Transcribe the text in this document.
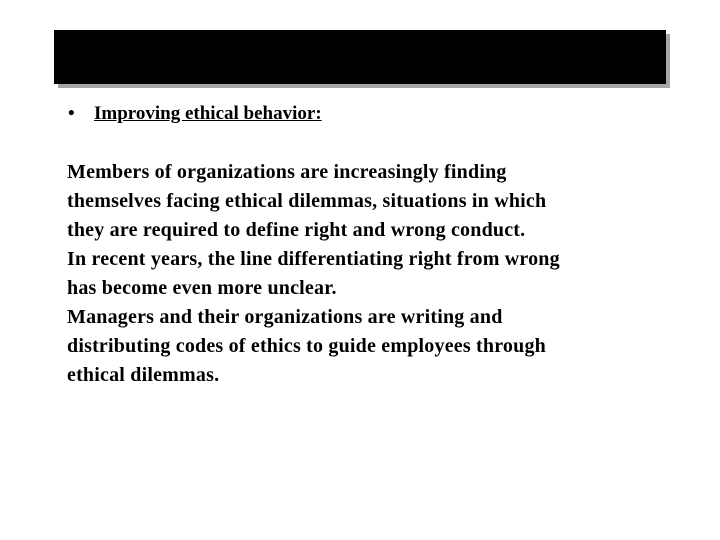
• Improving ethical behavior:
Members of organizations are increasingly finding
themselves facing ethical dilemmas, situations in which
they are required to define right and wrong conduct.
In recent years, the line differentiating right from wrong
has become even more unclear.
Managers and their organizations are writing and
distributing codes of ethics to guide employees through
ethical dilemmas.
